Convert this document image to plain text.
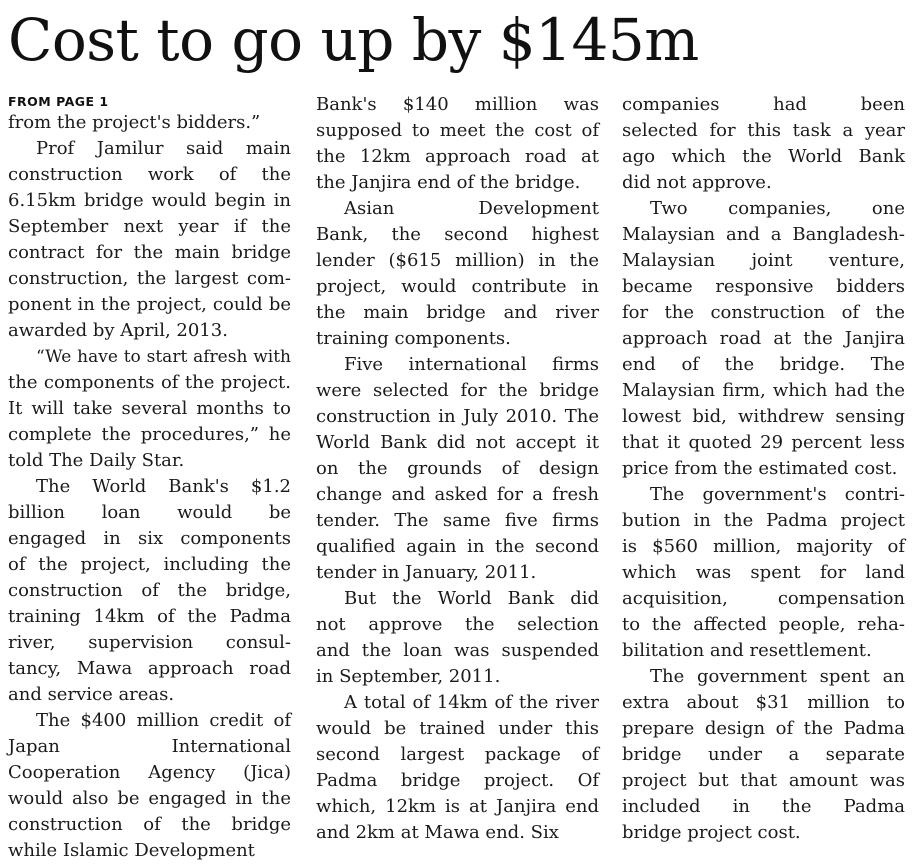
Cost to go up by $145m
FROM PAGE 1
from the project's bidders.”
Prof Jamilur said main
construction work of the
6.15km bridge would begin in
September next year if the
contract for the main bridge
construction, the largest com-
ponent in the project, could be
awarded by April, 2013.
“We have to start afresh with
the components of the project.
It will take several months to
complete the procedures,” he
told The Daily Star.
The World Bank's $1.2
billion loan would be
engaged in six components
of the project, including the
construction of the bridge,
training 14km of the Padma
river, supervision consul-
tancy, Mawa approach road
and service areas.
The $400 million credit of
Japan International
Cooperation Agency (Jica)
would also be engaged in the
construction of the bridge
while Islamic Development
Bank's $140 million was
supposed to meet the cost of
the 12km approach road at
the Janjira end of the bridge.
Asian Development
Bank, the second highest
lender ($615 million) in the
project, would contribute in
the main bridge and river
training components.
Five international firms
were selected for the bridge
construction in July 2010. The
World Bank did not accept it
on the grounds of design
change and asked for a fresh
tender. The same five firms
qualified again in the second
tender in January, 2011.
But the World Bank did
not approve the selection
and the loan was suspended
in September, 2011.
A total of 14km of the river
would be trained under this
second largest package of
Padma bridge project. Of
which, 12km is at Janjira end
and 2km at Mawa end. Six
companies had been
selected for this task a year
ago which the World Bank
did not approve.
Two companies, one
Malaysian and a Bangladesh-
Malaysian joint venture,
became responsive bidders
for the construction of the
approach road at the Janjira
end of the bridge. The
Malaysian firm, which had the
lowest bid, withdrew sensing
that it quoted 29 percent less
price from the estimated cost.
The government's contri-
bution in the Padma project
is $560 million, majority of
which was spent for land
acquisition, compensation
to the affected people, reha-
bilitation and resettlement.
The government spent an
extra about $31 million to
prepare design of the Padma
bridge under a separate
project but that amount was
included in the Padma
bridge project cost.
